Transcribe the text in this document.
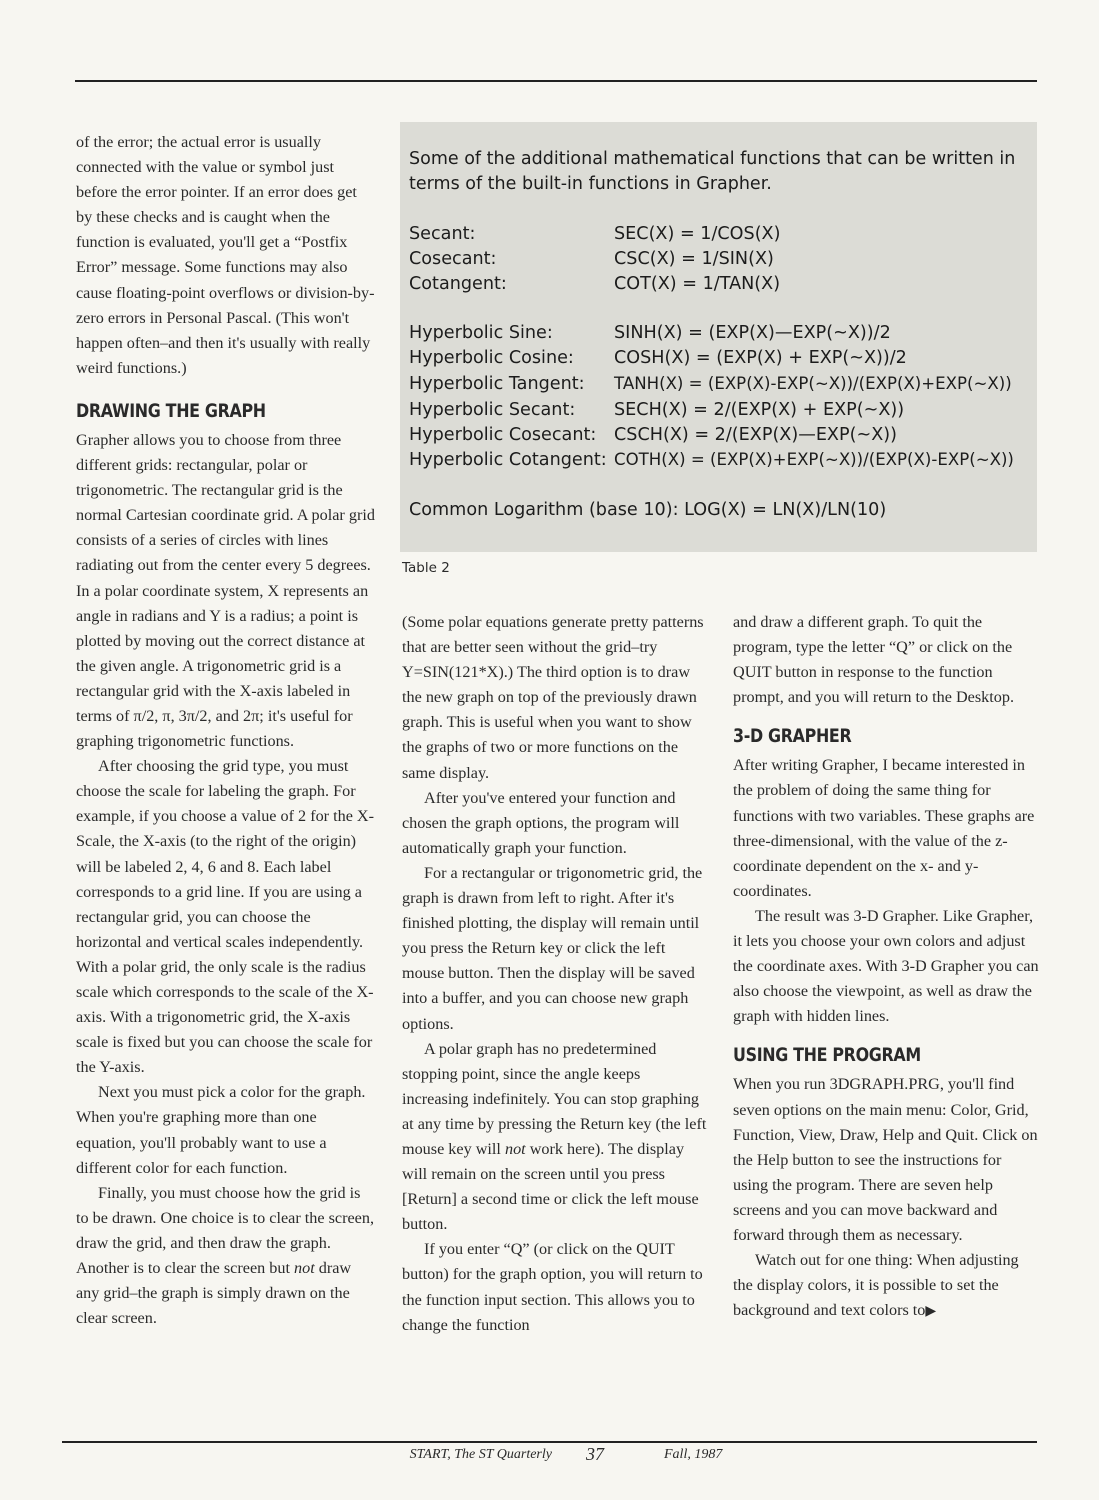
of the error; the actual error is usually connected with the value or symbol just before the error pointer. If an error does get by these checks and is caught when the function is evaluated, you'll get a “Postfix Error” message. Some functions may also cause floating-point overflows or division-by-zero errors in Personal Pascal. (This won't happen often–and then it's usually with really weird functions.)

DRAWING THE GRAPH

Grapher allows you to choose from three different grids: rectangular, polar or trigonometric. The rectangular grid is the normal Cartesian coordinate grid. A polar grid consists of a series of circles with lines radiating out from the center every 5 degrees. In a polar coordinate system, X represents an angle in radians and Y is a radius; a point is plotted by moving out the correct distance at the given angle. A trigonometric grid is a rectangular grid with the X-axis labeled in terms of π/2, π, 3π/2, and 2π; it's useful for graphing trigonometric functions.

After choosing the grid type, you must choose the scale for labeling the graph. For example, if you choose a value of 2 for the X-Scale, the X-axis (to the right of the origin) will be labeled 2, 4, 6 and 8. Each label corresponds to a grid line. If you are using a rectangular grid, you can choose the horizontal and vertical scales independently. With a polar grid, the only scale is the radius scale which corresponds to the scale of the X-axis. With a trigonometric grid, the X-axis scale is fixed but you can choose the scale for the Y-axis.

Next you must pick a color for the graph. When you're graphing more than one equation, you'll probably want to use a different color for each function.

Finally, you must choose how the grid is to be drawn. One choice is to clear the screen, draw the grid, and then draw the graph. Another is to clear the screen but not draw any grid–the graph is simply drawn on the clear screen.

Some of the additional mathematical functions that can be written in terms of the built-in functions in Grapher.

Secant:	SEC(X) = 1/COS(X)
Cosecant:	CSC(X) = 1/SIN(X)
Cotangent:	COT(X) = 1/TAN(X)
Hyperbolic Sine:	SINH(X) = (EXP(X)—EXP(~X))/2
Hyperbolic Cosine: COSH(X) = (EXP(X) + EXP(~X))/2
Hyperbolic Tangent: TANH(X) = (EXP(X)-EXP(~X))/(EXP(X)+EXP(~X))
Hyperbolic Secant: SECH(X) = 2/(EXP(X) + EXP(~X))
Hyperbolic Cosecant: CSCH(X) = 2/(EXP(X)—EXP(~X))
Hyperbolic Cotangent: COTH(X) = (EXP(X)+EXP(~X))/(EXP(X)-EXP(~X))
Common Logarithm (base 10): LOG(X) = LN(X)/LN(10)
Table 2

(Some polar equations generate pretty patterns that are better seen without the grid–try Y=SIN(121*X).) The third option is to draw the new graph on top of the previously drawn graph. This is useful when you want to show the graphs of two or more functions on the same display.

After you've entered your function and chosen the graph options, the program will automatically graph your function.

For a rectangular or trigonometric grid, the graph is drawn from left to right. After it's finished plotting, the display will remain until you press the Return key or click the left mouse button. Then the display will be saved into a buffer, and you can choose new graph options.

A polar graph has no predetermined stopping point, since the angle keeps increasing indefinitely. You can stop graphing at any time by pressing the Return key (the left mouse key will not work here). The display will remain on the screen until you press [Return] a second time or click the left mouse button.

If you enter “Q” (or click on the QUIT button) for the graph option, you will return to the function input section. This allows you to change the function

and draw a different graph. To quit the program, type the letter “Q” or click on the QUIT button in response to the function prompt, and you will return to the Desktop.

3-D GRAPHER

After writing Grapher, I became interested in the problem of doing the same thing for functions with two variables. These graphs are three-dimensional, with the value of the z-coordinate dependent on the x- and y-coordinates.

The result was 3-D Grapher. Like Grapher, it lets you choose your own colors and adjust the coordinate axes. With 3-D Grapher you can also choose the viewpoint, as well as draw the graph with hidden lines.

USING THE PROGRAM

When you run 3DGRAPH.PRG, you'll find seven options on the main menu: Color, Grid, Function, View, Draw, Help and Quit. Click on the Help button to see the instructions for using the program. There are seven help screens and you can move backward and forward through them as necessary.

Watch out for one thing: When adjusting the display colors, it is possible to set the background and text colors to▶

START, The ST Quarterly 37	Fall, 1987
